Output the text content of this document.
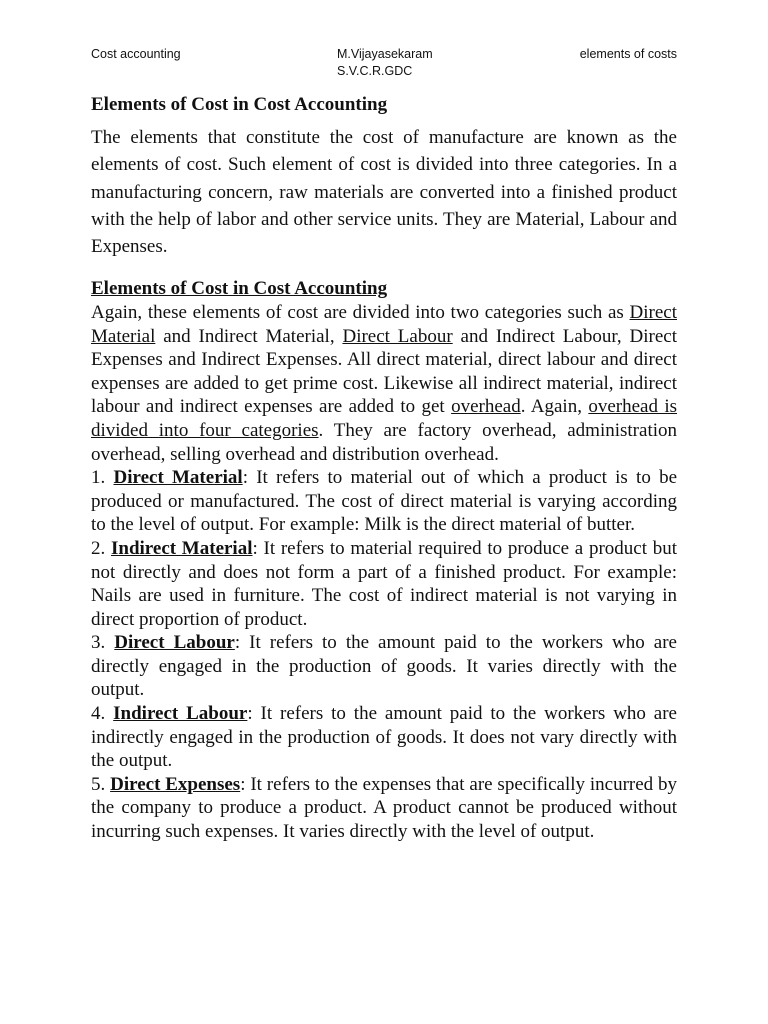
Cost accounting	M.Vijayasekaram
S.V.C.R.GDC
elements of costs
Elements of Cost in Cost Accounting

The elements that constitute the cost of manufacture are known as the elements of cost. Such element of cost is divided into three categories. In a manufacturing concern, raw materials are converted into a finished product with the help of labor and other service units. They are Material, Labour and Expenses.

Elements of Cost in Cost Accounting

Again, these elements of cost are divided into two categories such as Direct Material and Indirect Material, Direct Labour and Indirect Labour, Direct Expenses and Indirect Expenses. All direct material, direct labour and direct expenses are added to get prime cost. Likewise all indirect material, indirect labour and indirect expenses are added to get overhead. Again, overhead is divided into four categories. They are factory overhead, administration overhead, selling overhead and distribution overhead.

1. Direct Material: It refers to material out of which a product is to be produced or manufactured. The cost of direct material is varying according to the level of output. For example: Milk is the direct material of butter.

2. Indirect Material: It refers to material required to produce a product but not directly and does not form a part of a finished product. For example: Nails are used in furniture. The cost of indirect material is not varying in direct proportion of product.

3. Direct Labour: It refers to the amount paid to the workers who are directly engaged in the production of goods. It varies directly with the output.

4. Indirect Labour: It refers to the amount paid to the workers who are indirectly engaged in the production of goods. It does not vary directly with the output.

5. Direct Expenses: It refers to the expenses that are specifically incurred by the company to produce a product. A product cannot be produced without incurring such expenses. It varies directly with the level of output.
